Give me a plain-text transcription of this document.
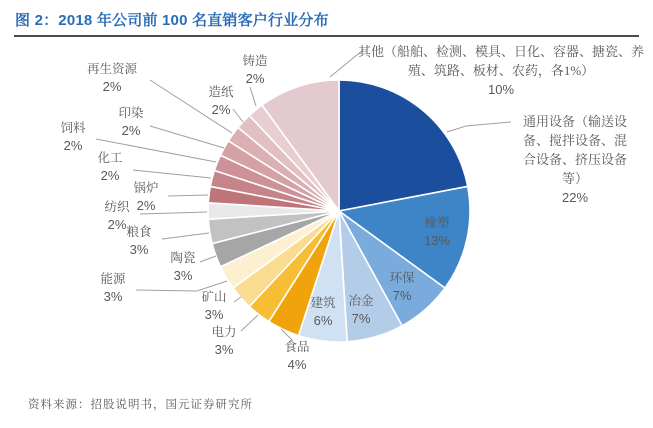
图 2：2018 年公司前 100 名直销客户行业分布
其他（船舶、检测、模具、日化、容器、搪瓷、养殖、筑路、板材、农药，各1%）
10%
通用设备（输送设备、搅拌设备、混合设备、挤压设备等）
22%
橡塑
13%
环保
7%
冶金
7%
建筑
6%
食品
4%
电力
3%
矿山
3%
能源
3%
陶瓷
3%
粮食
3%
纺织
2%
锅炉
2%
化工
2%
饲料
2%
印染
2%
再生资源
2%	造纸
2%
铸造
2%
资料来源：招股说明书，国元证券研究所
